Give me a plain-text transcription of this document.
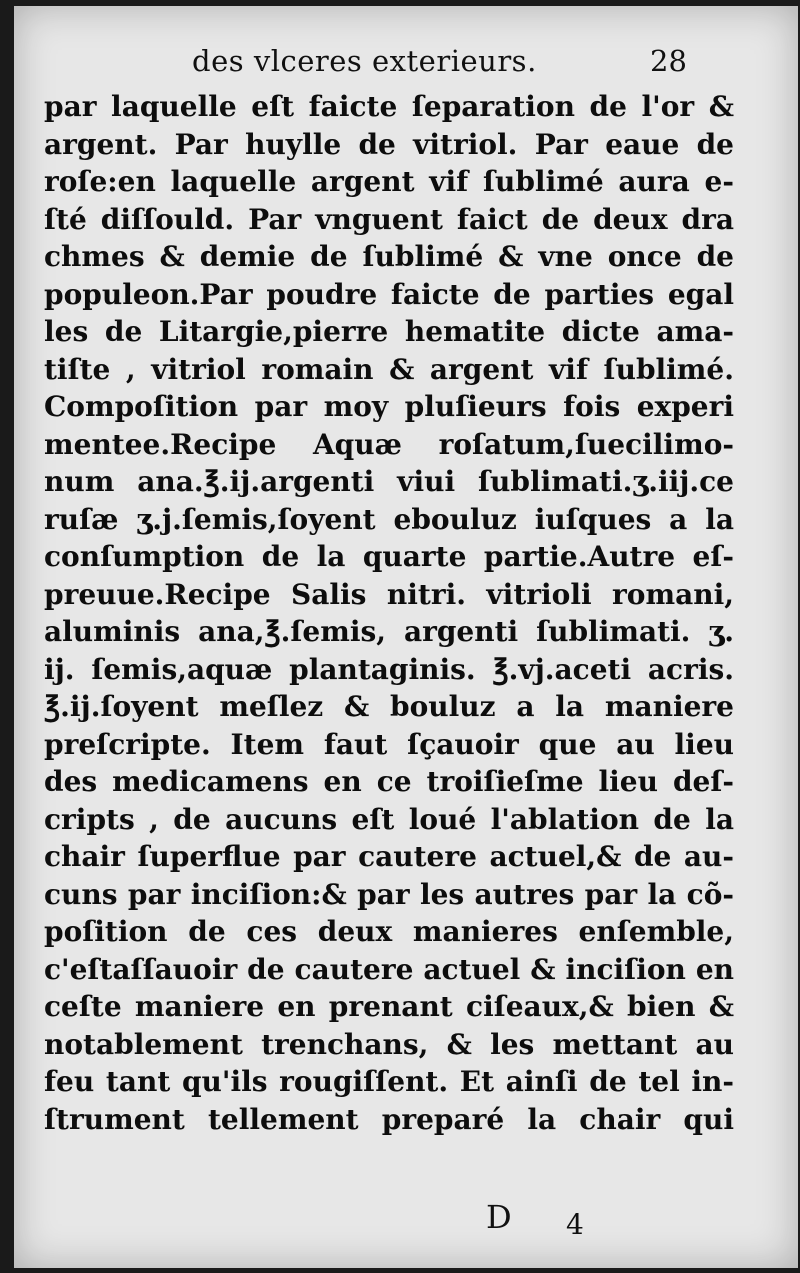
des vlceres exterieurs.	28
par laquelle eſt faicte ſeparation de l'or &
argent. Par huylle de vitriol. Par eaue de
roſe:en laquelle argent vif ſublimé aura e-
ſté diſſould. Par vnguent faict de deux dra
chmes & demie de ſublimé & vne once de
populeon.Par poudre faicte de parties egal
les de Litargie,pierre hematite dicte ama-
tiſte , vitriol romain & argent vif ſublimé.
Compoſition par moy pluſieurs fois experi
mentee.Recipe Aquæ roſatum,ſuecilimo-
num ana.℥.ij.argenti viui ſublimati.ʒ.iij.ce
ruſæ ʒ.j.ſemis,ſoyent ebouluz iuſques a la
conſumption de la quarte partie.Autre eſ-
preuue.Recipe Salis nitri. vitrioli romani,
aluminis ana,℥.ſemis, argenti ſublimati. ʒ.
ij. ſemis,aquæ plantaginis. ℥.vj.aceti acris.
℥.ij.ſoyent meſlez & bouluz a la maniere
preſcripte. Item faut ſçauoir que au lieu
des medicamens en ce troiſieſme lieu deſ-
cripts , de aucuns eſt loué l'ablation de la
chair ſuperflue par cautere actuel,& de au-
cuns par inciſion:& par les autres par la cõ-
poſition de ces deux manieres enſemble,
c'eſtaſſauoir de cautere actuel & inciſion en
ceſte maniere en prenant ciſeaux,& bien &
notablement trenchans, & les mettant au
feu tant qu'ils rougiſſent. Et ainſi de tel in-
ſtrument tellement preparé la chair qui
D 4
